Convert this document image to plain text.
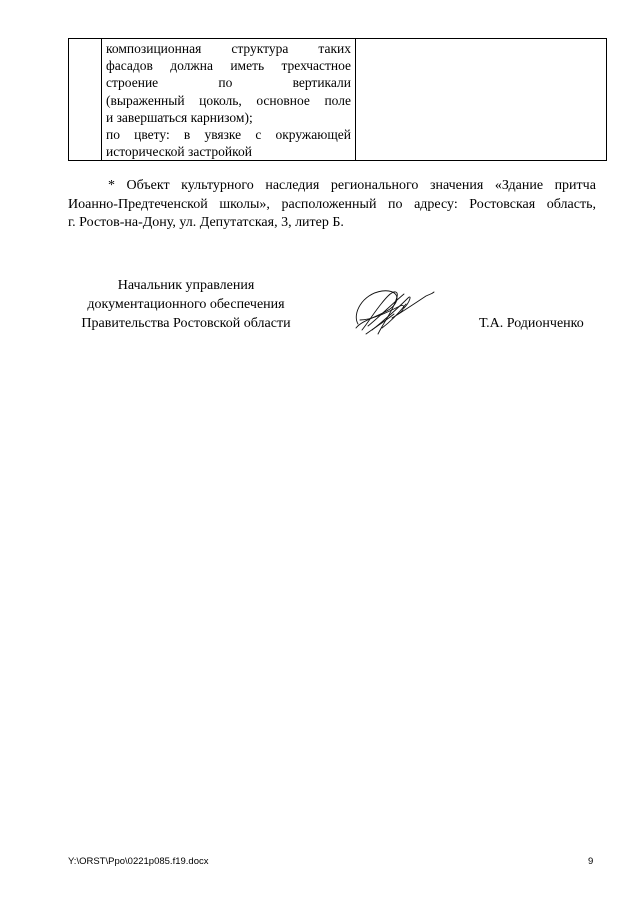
композиционная структура таких
фасадов должна иметь трехчастное
строение	по	вертикали
(выраженный цоколь, основное поле
и завершаться карнизом);
по цвету: в увязке с окружающей
исторической застройкой

* Объект культурного наследия регионального значения «Здание притча
Иоанно-Предтеченской школы», расположенный по адресу: Ростовская область,
г. Ростов-на-Дону, ул. Депутатская, 3, литер Б.
Начальник управления
документационного обеспечения
Правительства Ростовской области	Т.А. Родионченко
Y:\ORST\Ppo\0221p085.f19.docx	9
